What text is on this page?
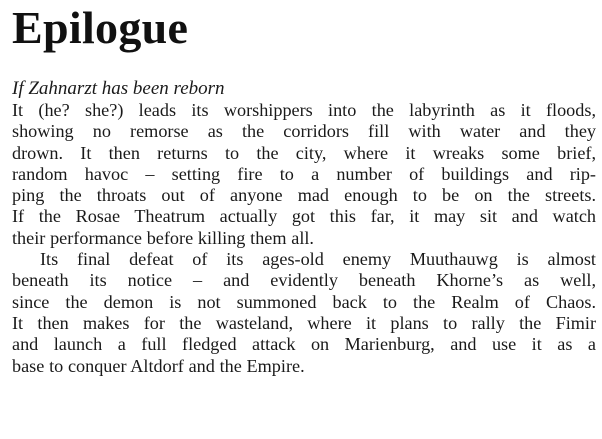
Epilogue
If Zahnarzt has been reborn
It (he? she?) leads its worshippers into the labyrinth as it floods,
showing no remorse as the corridors fill with water and they
drown. It then returns to the city, where it wreaks some brief,
random havoc – setting fire to a number of buildings and rip-
ping the throats out of anyone mad enough to be on the streets.
If the Rosae Theatrum actually got this far, it may sit and watch
their performance before killing them all.
Its final defeat of its ages-old enemy Muuthauwg is almost
beneath its notice – and evidently beneath Khorne’s as well,
since the demon is not summoned back to the Realm of Chaos.
It then makes for the wasteland, where it plans to rally the Fimir
and launch a full fledged attack on Marienburg, and use it as a
base to conquer Altdorf and the Empire.
